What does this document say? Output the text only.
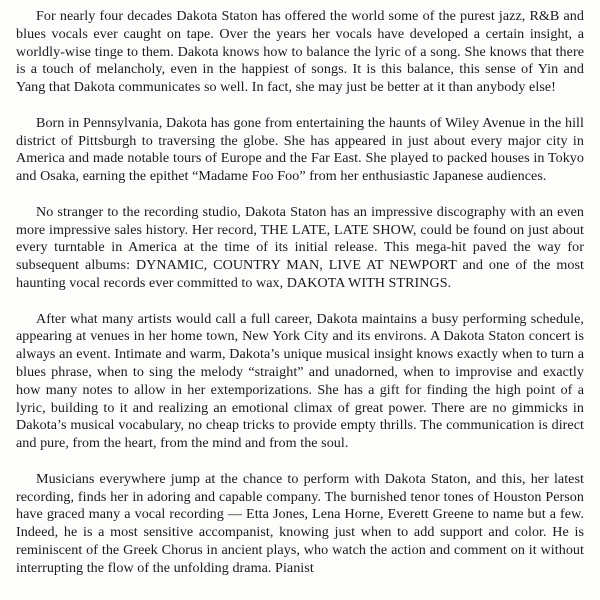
For nearly four decades Dakota Staton has offered the world some of the purest jazz, R&B and blues vocals ever caught on tape. Over the years her vocals have developed a certain insight, a worldly-wise tinge to them. Dakota knows how to balance the lyric of a song. She knows that there is a touch of melancholy, even in the happiest of songs. It is this balance, this sense of Yin and Yang that Dakota communicates so well. In fact, she may just be better at it than anybody else!

Born in Pennsylvania, Dakota has gone from entertaining the haunts of Wiley Avenue in the hill district of Pittsburgh to traversing the globe. She has appeared in just about every major city in America and made notable tours of Europe and the Far East. She played to packed houses in Tokyo and Osaka, earning the epithet “Madame Foo Foo” from her enthusiastic Japanese audiences.

No stranger to the recording studio, Dakota Staton has an impressive discography with an even more impressive sales history. Her record, THE LATE, LATE SHOW, could be found on just about every turntable in America at the time of its initial release. This mega-hit paved the way for subsequent albums: DYNAMIC, COUNTRY MAN, LIVE AT NEWPORT and one of the most haunting vocal records ever committed to wax, DAKOTA WITH STRINGS.

After what many artists would call a full career, Dakota maintains a busy performing schedule, appearing at venues in her home town, New York City and its environs. A Dakota Staton concert is always an event. Intimate and warm, Dakota’s unique musical insight knows exactly when to turn a blues phrase, when to sing the melody “straight” and unadorned, when to improvise and exactly how many notes to allow in her extemporizations. She has a gift for finding the high point of a lyric, building to it and realizing an emotional climax of great power. There are no gimmicks in Dakota’s musical vocabulary, no cheap tricks to provide empty thrills. The communication is direct and pure, from the heart, from the mind and from the soul.

Musicians everywhere jump at the chance to perform with Dakota Staton, and this, her latest recording, finds her in adoring and capable company. The burnished tenor tones of Houston Person have graced many a vocal recording — Etta Jones, Lena Horne, Everett Greene to name but a few. Indeed, he is a most sensitive accompanist, knowing just when to add support and color. He is reminiscent of the Greek Chorus in ancient plays, who watch the action and comment on it without interrupting the flow of the unfolding drama. Pianist
